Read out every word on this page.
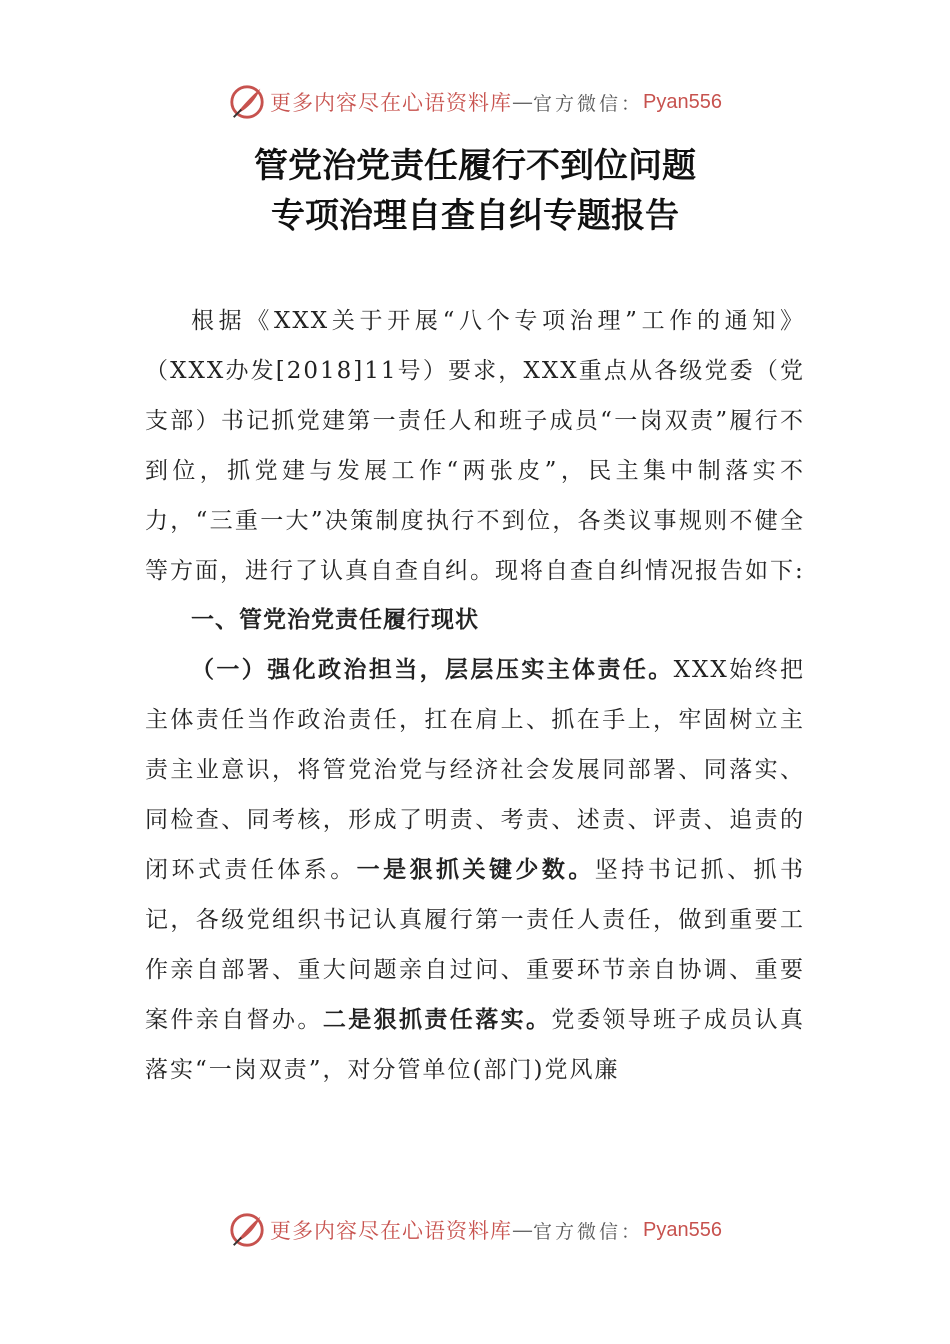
更多内容尽在心语资料库 — 官方微信： Pyan556
管党治党责任履行不到位问题
专项治理自查自纠专题报告

根据《XXX关于开展“八个专项治理”工作的通知》（XXX办发[2018]11号）要求，XXX重点从各级党委（党支部）书记抓党建第一责任人和班子成员“一岗双责”履行不到位，抓党建与发展工作“两张皮”，民主集中制落实不力，“三重一大”决策制度执行不到位，各类议事规则不健全等方面，进行了认真自查自纠。现将自查自纠情况报告如下:

一、管党治党责任履行现状

（一）强化政治担当，层层压实主体责任。XXX始终把主体责任当作政治责任，扛在肩上、抓在手上，牢固树立主责主业意识，将管党治党与经济社会发展同部署、同落实、同检查、同考核，形成了明责、考责、述责、评责、追责的闭环式责任体系。一是狠抓关键少数。坚持书记抓、抓书记，各级党组织书记认真履行第一责任人责任，做到重要工作亲自部署、重大问题亲自过问、重要环节亲自协调、重要案件亲自督办。二是狠抓责任落实。党委领导班子成员认真落实“一岗双责”，对分管单位(部门)党风廉

更多内容尽在心语资料库 — 官方微信： Pyan556
